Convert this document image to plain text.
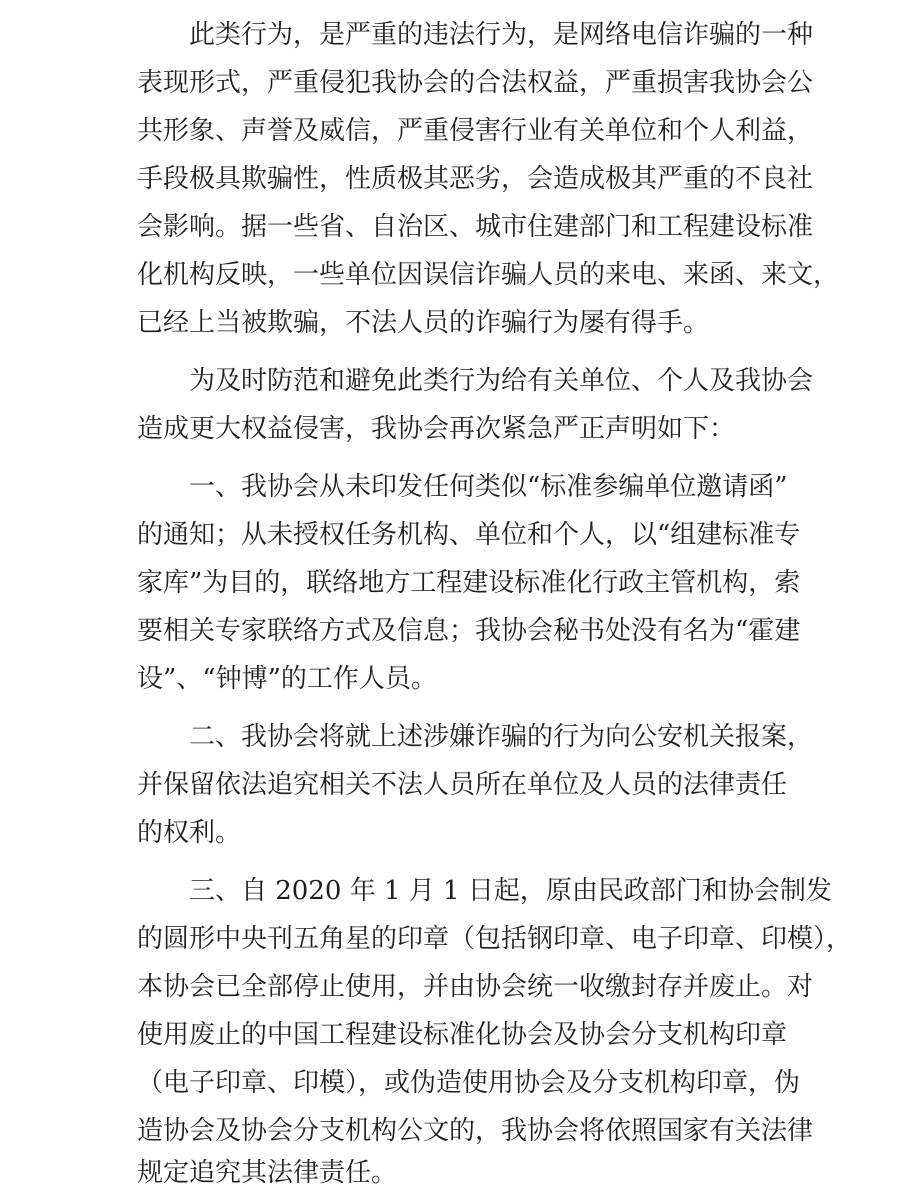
此类行为，是严重的违法行为，是网络电信诈骗的一种
表现形式，严重侵犯我协会的合法权益，严重损害我协会公
共形象、声誉及威信，严重侵害行业有关单位和个人利益，
手段极具欺骗性，性质极其恶劣，会造成极其严重的不良社
会影响。据一些省、自治区、城市住建部门和工程建设标准
化机构反映，一些单位因误信诈骗人员的来电、来函、来文，
已经上当被欺骗，不法人员的诈骗行为屡有得手。
为及时防范和避免此类行为给有关单位、个人及我协会
造成更大权益侵害，我协会再次紧急严正声明如下：
一、我协会从未印发任何类似“标准参编单位邀请函”
的通知；从未授权任务机构、单位和个人，以“组建标准专
家库”为目的，联络地方工程建设标准化行政主管机构，索
要相关专家联络方式及信息；我协会秘书处没有名为“霍建
设”、“钟博”的工作人员。
二、我协会将就上述涉嫌诈骗的行为向公安机关报案，
并保留依法追究相关不法人员所在单位及人员的法律责任
的权利。
三、自 2020 年 1 月 1 日起，原由民政部门和协会制发
的圆形中央刊五角星的印章（包括钢印章、电子印章、印模），
本协会已全部停止使用，并由协会统一收缴封存并废止。对
使用废止的中国工程建设标准化协会及协会分支机构印章
（电子印章、印模），或伪造使用协会及分支机构印章，伪
造协会及协会分支机构公文的，我协会将依照国家有关法律
规定追究其法律责任。
